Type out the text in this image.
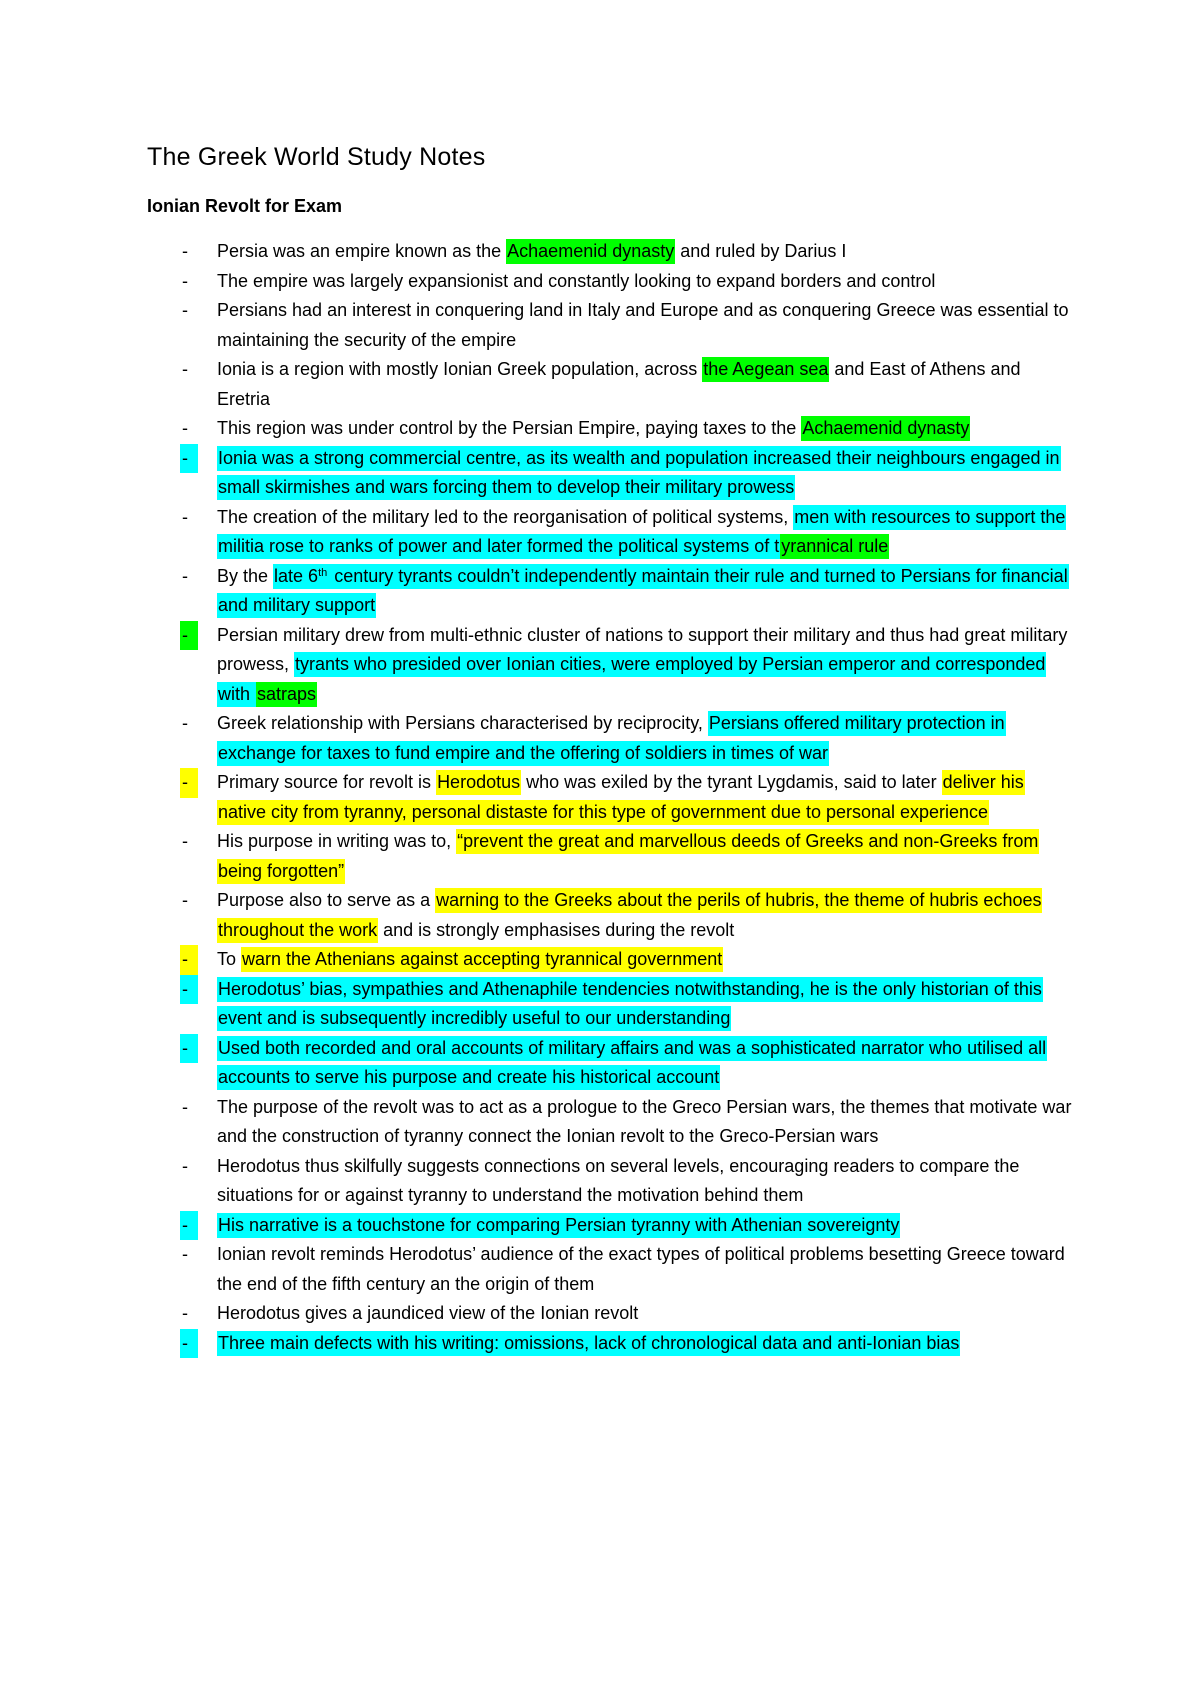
The Greek World Study Notes
Ionian Revolt for Exam
-	Persia was an empire known as the Achaemenid dynasty and ruled by Darius I
-	The empire was largely expansionist and constantly looking to expand borders and control
-	Persians had an interest in conquering land in Italy and Europe and as conquering Greece was essential to maintaining the security of the empire
-	Ionia is a region with mostly Ionian Greek population, across the Aegean sea and East of Athens and Eretria
-	This region was under control by the Persian Empire, paying taxes to the Achaemenid dynasty
-	Ionia was a strong commercial centre, as its wealth and population increased their neighbours engaged in small skirmishes and wars forcing them to develop their military prowess
-	The creation of the military led to the reorganisation of political systems, men with resources to support the militia rose to ranks of power and later formed the political systems of t yrannical rule
-	By the late 6th century tyrants couldn’t independently maintain their rule and turned to Persians for financial and military support
-	Persian military drew from multi-ethnic cluster of nations to support their military and thus had great military prowess, tyrants who presided over Ionian cities, were employed by Persian emperor and corresponded with satraps
-	Greek relationship with Persians characterised by reciprocity, Persians offered military protection in exchange for taxes to fund empire and the offering of soldiers in times of war
-	Primary source for revolt is Herodotus who was exiled by the tyrant Lygdamis, said to later deliver his native city from tyranny, personal distaste for this type of government due to personal experience
-	His purpose in writing was to, “prevent the great and marvellous deeds of Greeks and non-Greeks from being forgotten”
-	Purpose also to serve as a warning to the Greeks about the perils of hubris, the theme of hubris echoes throughout the work and is strongly emphasises during the revolt
-	To warn the Athenians against accepting tyrannical government
-	Herodotus’ bias, sympathies and Athenaphile tendencies notwithstanding, he is the only historian of this event and is subsequently incredibly useful to our understanding
-	Used both recorded and oral accounts of military affairs and was a sophisticated narrator who utilised all accounts to serve his purpose and create his historical account
-	The purpose of the revolt was to act as a prologue to the Greco Persian wars, the themes that motivate war and the construction of tyranny connect the Ionian revolt to the Greco-Persian wars
-	Herodotus thus skilfully suggests connections on several levels, encouraging readers to compare the situations for or against tyranny to understand the motivation behind them
-	His narrative is a touchstone for comparing Persian tyranny with Athenian sovereignty
-	Ionian revolt reminds Herodotus’ audience of the exact types of political problems besetting Greece toward the end of the fifth century an the origin of them
-	Herodotus gives a jaundiced view of the Ionian revolt
-	Three main defects with his writing: omissions, lack of chronological data and anti-Ionian bias
